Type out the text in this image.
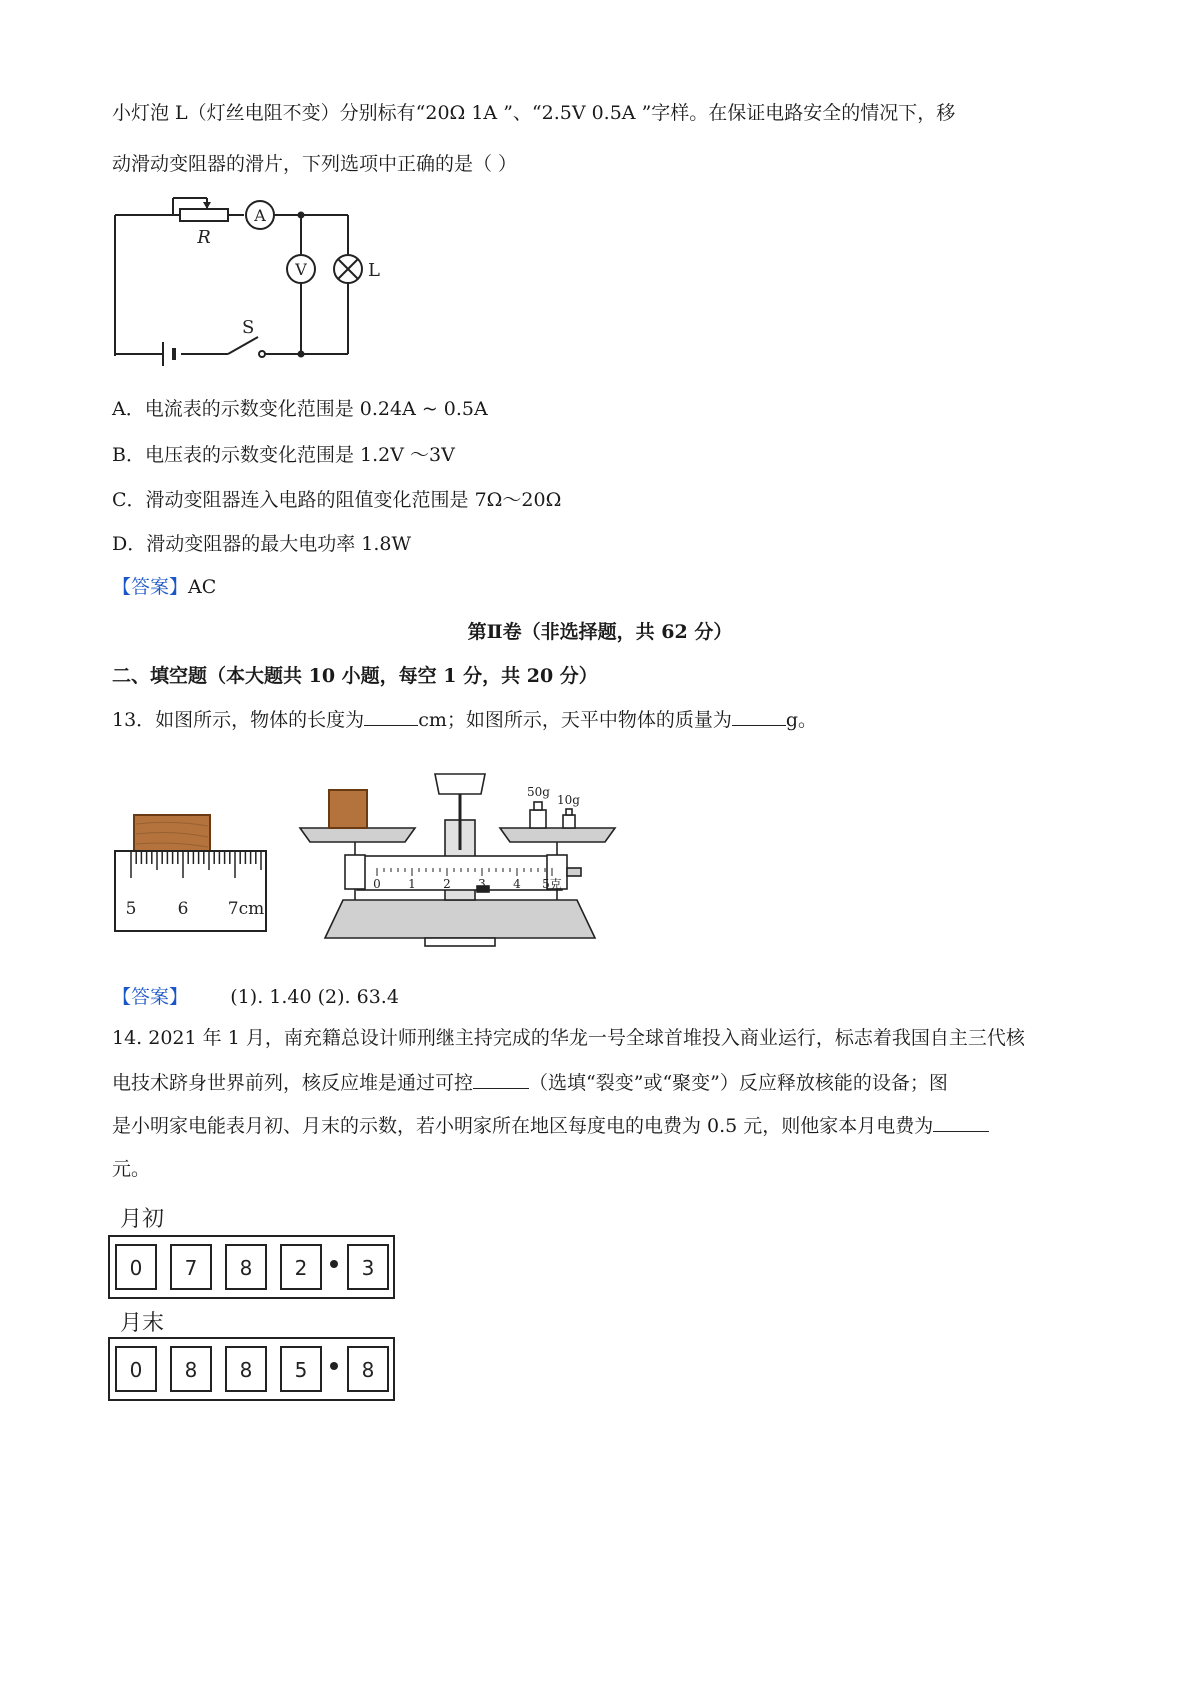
小灯泡 L（灯丝电阻不变）分别标有“20Ω 1A ”、“2.5V 0.5A ”字样。在保证电路安全的情况下，移
动滑动变阻器的滑片，下列选项中正确的是（ ）
A
V
R
L
S
A．电流表的示数变化范围是 0.24A ~ 0.5A
B．电压表的示数变化范围是 1.2V ～3V
C．滑动变阻器连入电路的阻值变化范围是 7Ω～20Ω
D．滑动变阻器的最大电功率 1.8W
【答案】AC
第Ⅱ卷（非选择题，共 62 分）
二、填空题（本大题共 10 小题，每空 1 分，共 20 分）
13．如图所示，物体的长度为	cm；如图所示，天平中物体的质量为	g。
5 6 7cm
0 1 2 3 4 5克
50g
10g
【答案】 (1). 1.40 (2). 63.4
14. 2021 年 1 月，南充籍总设计师刑继主持完成的华龙一号全球首堆投入商业运行，标志着我国自主三代核
电技术跻身世界前列，核反应堆是通过可控	（选填“裂变”或“聚变”）反应释放核能的设备；图
是小明家电能表月初、月末的示数，若小明家所在地区每度电的电费为 0.5 元，则他家本月电费为
元。
月初
0 7 8 2	3
月末
0 8 8 5	8
